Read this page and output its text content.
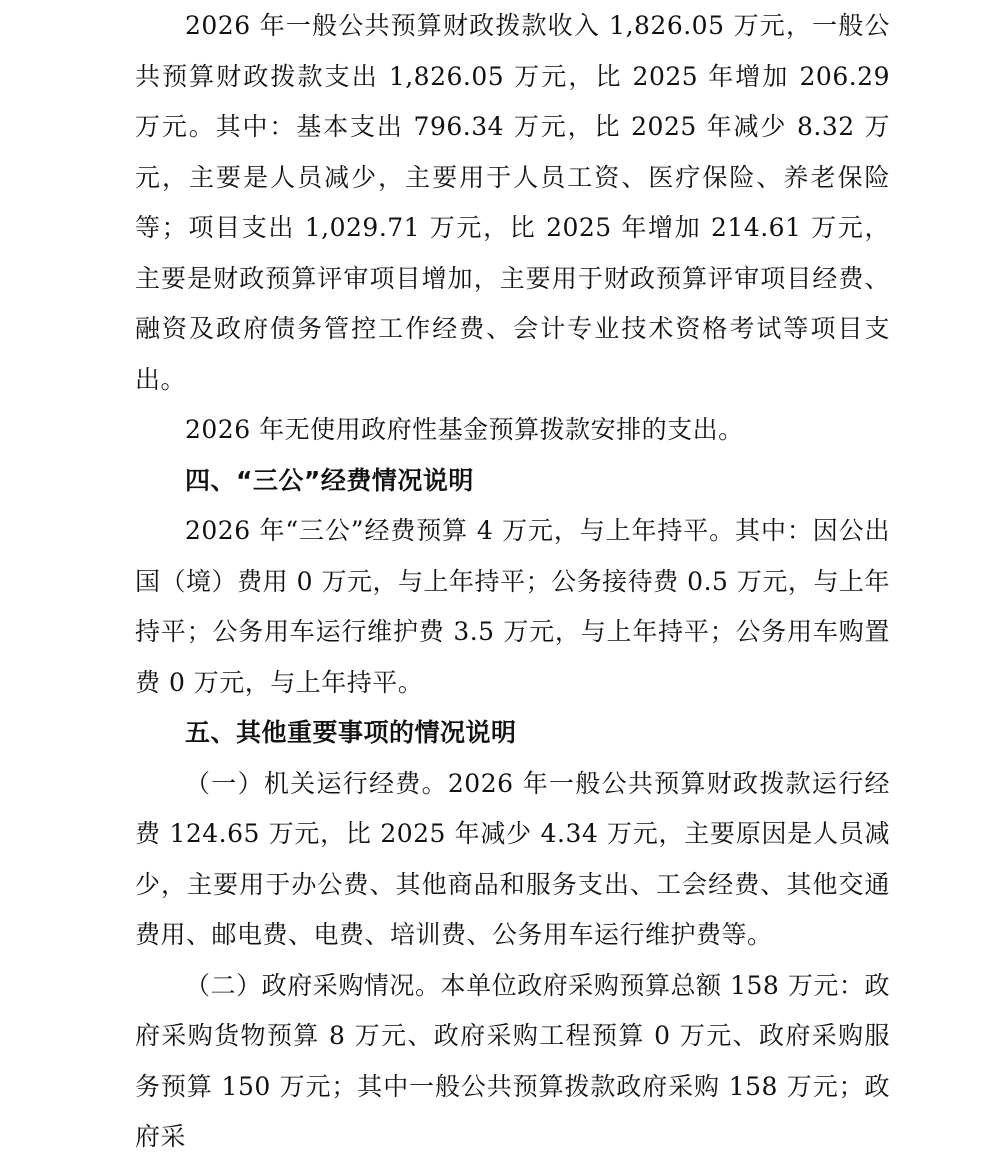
2026 年一般公共预算财政拨款收入 1,826.05 万元，一般公共预算财政拨款支出 1,826.05 万元，比 2025 年增加 206.29 万元。其中：基本支出 796.34 万元，比 2025 年减少 8.32 万元，主要是人员减少，主要用于人员工资、医疗保险、养老保险等；项目支出 1,029.71 万元，比 2025 年增加 214.61 万元，主要是财政预算评审项目增加，主要用于财政预算评审项目经费、融资及政府债务管控工作经费、会计专业技术资格考试等项目支出。

2026 年无使用政府性基金预算拨款安排的支出。

四、“三公”经费情况说明

2026 年“三公”经费预算 4 万元，与上年持平。其中：因公出国（境）费用 0 万元，与上年持平；公务接待费 0.5 万元，与上年持平；公务用车运行维护费 3.5 万元，与上年持平；公务用车购置费 0 万元，与上年持平。

五、其他重要事项的情况说明

（一）机关运行经费。2026 年一般公共预算财政拨款运行经费 124.65 万元，比 2025 年减少 4.34 万元，主要原因是人员减少，主要用于办公费、其他商品和服务支出、工会经费、其他交通费用、邮电费、电费、培训费、公务用车运行维护费等。

（二）政府采购情况。本单位政府采购预算总额 158 万元：政府采购货物预算 8 万元、政府采购工程预算 0 万元、政府采购服务预算 150 万元；其中一般公共预算拨款政府采购 158 万元；政府采
